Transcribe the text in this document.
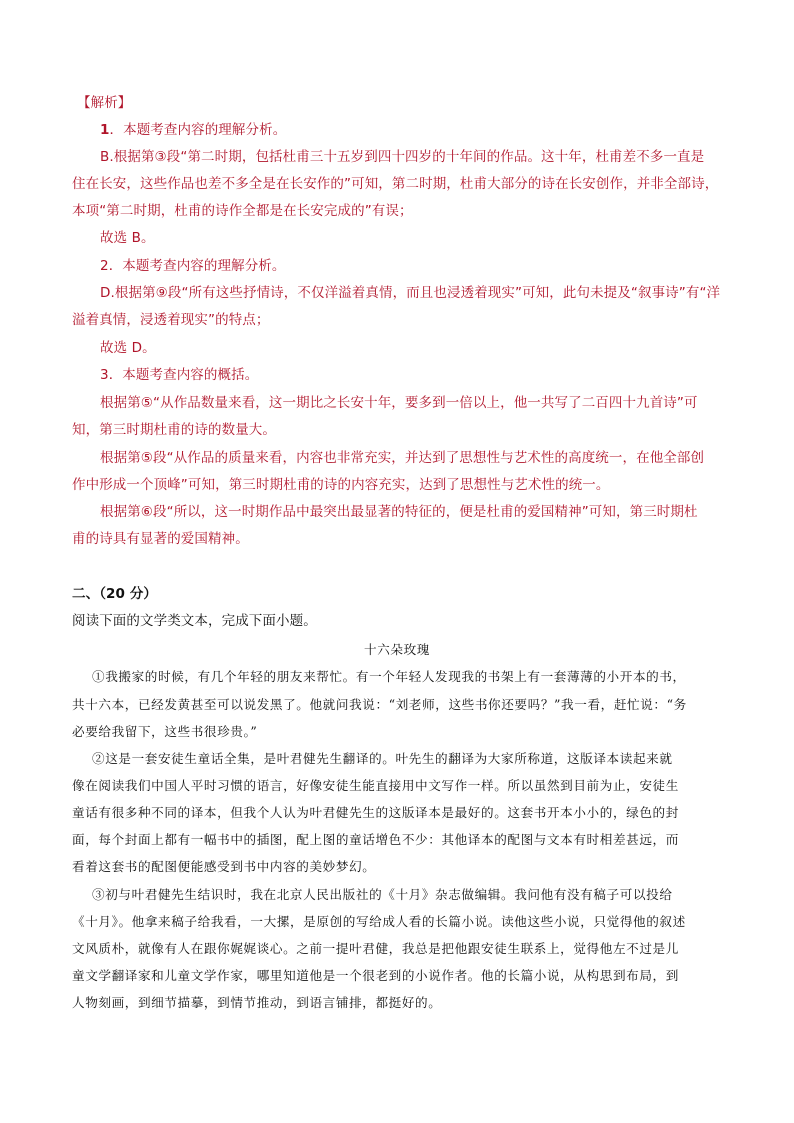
【解析】
1．本题考查内容的理解分析。
B.根据第③段“第二时期，包括杜甫三十五岁到四十四岁的十年间的作品。这十年，杜甫差不多一直是
住在长安，这些作品也差不多全是在长安作的”可知，第二时期，杜甫大部分的诗在长安创作，并非全部诗，
本项“第二时期，杜甫的诗作全都是在长安完成的”有误；
故选 B。
2．本题考查内容的理解分析。
D.根据第⑨段“所有这些抒情诗，不仅洋溢着真情，而且也浸透着现实”可知，此句未提及“叙事诗”有“洋
溢着真情，浸透着现实”的特点；
故选 D。
3．本题考查内容的概括。
根据第⑤“从作品数量来看，这一期比之长安十年，要多到一倍以上，他一共写了二百四十九首诗”可
知，第三时期杜甫的诗的数量大。
根据第⑤段“从作品的质量来看，内容也非常充实，并达到了思想性与艺术性的高度统一，在他全部创
作中形成一个顶峰”可知，第三时期杜甫的诗的内容充实，达到了思想性与艺术性的统一。
根据第⑥段“所以，这一时期作品中最突出最显著的特征的，便是杜甫的爱国精神”可知，第三时期杜
甫的诗具有显著的爱国精神。
二、（20 分）
阅读下面的文学类文本，完成下面小题。
十六朵玫瑰
①我搬家的时候，有几个年轻的朋友来帮忙。有一个年轻人发现我的书架上有一套薄薄的小开本的书，
共十六本，已经发黄甚至可以说发黑了。他就问我说：“刘老师，这些书你还要吗？”我一看，赶忙说：“务
必要给我留下，这些书很珍贵。”
②这是一套安徒生童话全集，是叶君健先生翻译的。叶先生的翻译为大家所称道，这版译本读起来就
像在阅读我们中国人平时习惯的语言，好像安徒生能直接用中文写作一样。所以虽然到目前为止，安徒生
童话有很多种不同的译本，但我个人认为叶君健先生的这版译本是最好的。这套书开本小小的，绿色的封
面，每个封面上都有一幅书中的插图，配上图的童话增色不少：其他译本的配图与文本有时相差甚远，而
看着这套书的配图便能感受到书中内容的美妙梦幻。
③初与叶君健先生结识时，我在北京人民出版社的《十月》杂志做编辑。我问他有没有稿子可以投给
《十月》。他拿来稿子给我看，一大摞，是原创的写给成人看的长篇小说。读他这些小说，只觉得他的叙述
文风质朴，就像有人在跟你娓娓谈心。之前一提叶君健，我总是把他跟安徒生联系上，觉得他左不过是儿
童文学翻译家和儿童文学作家，哪里知道他是一个很老到的小说作者。他的长篇小说，从构思到布局，到
人物刻画，到细节描摹，到情节推动，到语言铺排，都挺好的。
